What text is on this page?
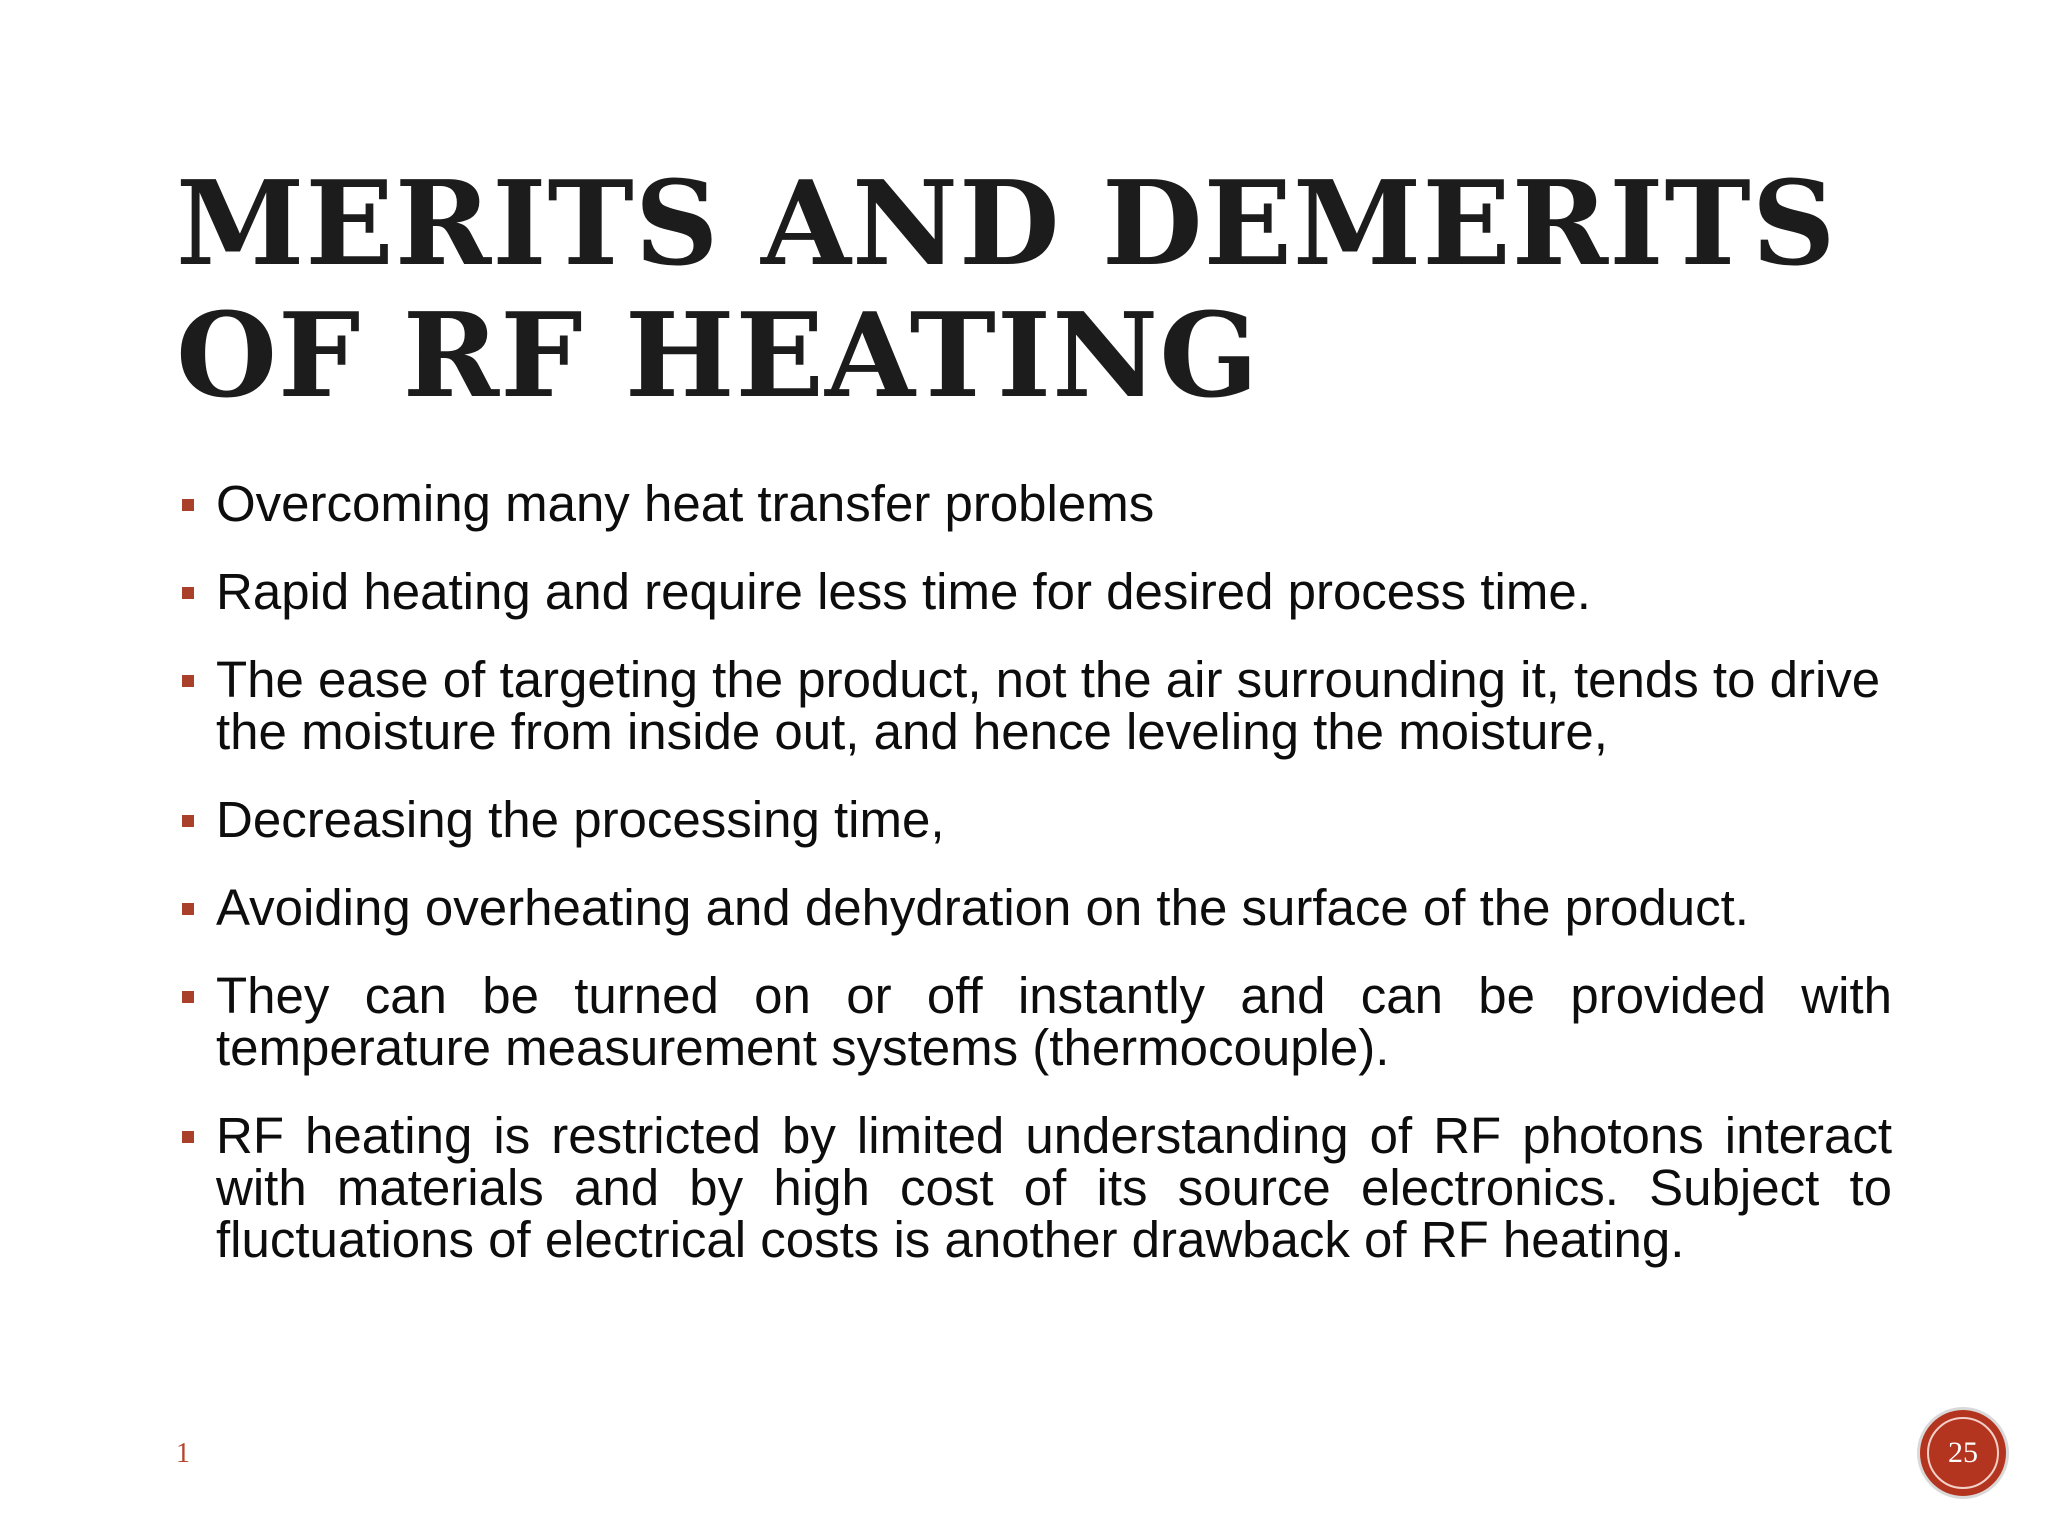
MERITS AND DEMERITS
OF RF HEATING
Overcoming many heat transfer problems
Rapid heating and require less time for desired process time.
The ease of targeting the product, not the air surrounding it, tends to drive the moisture from inside out, and hence leveling the moisture,
Decreasing the processing time,
Avoiding overheating and dehydration on the surface of the product.
They can be turned on or off instantly and can be provided with temperature measurement systems (thermocouple).
RF heating is restricted by limited understanding of RF photons interact with materials and by high cost of its source electronics. Subject to fluctuations of electrical costs is another drawback of RF heating.
1	25
